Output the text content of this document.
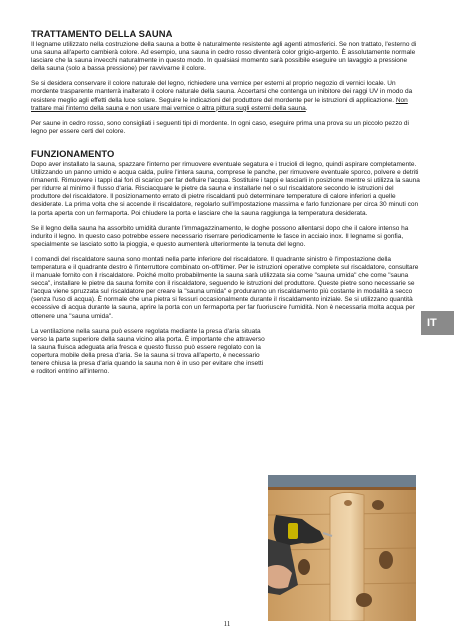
TRATTAMENTO DELLA SAUNA

Il legname utilizzato nella costruzione della sauna a botte è naturalmente resistente agli agenti atmosferici. Se non trattato, l'esterno di una sauna all'aperto cambierà colore. Ad esempio, una sauna in cedro rosso diventerà color grigio-argento. È assolutamente normale lasciare che la sauna invecchi naturalmente in questo modo. In qualsiasi momento sarà possibile eseguire un lavaggio a pressione della sauna (solo a bassa pressione) per ravvivarne il colore.

Se si desidera conservare il colore naturale del legno, richiedere una vernice per esterni al proprio negozio di vernici locale. Un mordente trasparente manterrà inalterato il colore naturale della sauna. Accertarsi che contenga un inibitore dei raggi UV in modo da resistere meglio agli effetti della luce solare. Seguire le indicazioni del produttore del mordente per le istruzioni di applicazione. Non trattare mai l'interno della sauna e non usare mai vernice o altra pittura sugli esterni della sauna.

Per saune in cedro rosso, sono consigliati i seguenti tipi di mordente. In ogni caso, eseguire prima una prova su un piccolo pezzo di legno per essere certi del colore.

FUNZIONAMENTO

Dopo aver installato la sauna, spazzare l'interno per rimuovere eventuale segatura e i trucioli di legno, quindi aspirare completamente. Utilizzando un panno umido e acqua calda, pulire l'intera sauna, comprese le panche, per rimuovere eventuale sporco, polvere e detriti rimanenti. Rimuovere i tappi dai fori di scarico per far defluire l'acqua. Sostituire i tappi e lasciarli in posizione mentre si utilizza la sauna per ridurre al minimo il flusso d'aria. Risciacquare le pietre da sauna e installarle nel o sul riscaldatore secondo le istruzioni del produttore del riscaldatore. Il posizionamento errato di pietre riscaldanti può determinare temperature di calore inferiori a quelle desiderate. La prima volta che si accende il riscaldatore, regolarlo sull'impostazione massima e farlo funzionare per circa 30 minuti con la porta aperta con un fermaporta. Poi chiudere la porta e lasciare che la sauna raggiunga la temperatura desiderata.

Se il legno della sauna ha assorbito umidità durante l'immagazzinamento, le doghe possono allentarsi dopo che il calore intenso ha indurito il legno. In questo caso potrebbe essere necessario riserrare periodicamente le fasce in acciaio inox. Il legname si gonfia, specialmente se lasciato sotto la pioggia, e questo aumenterà ulteriormente la tenuta del legno.

I comandi del riscaldatore sauna sono montati nella parte inferiore del riscaldatore. Il quadrante sinistro è l'impostazione della temperatura e il quadrante destro è l'interruttore combinato on-off/timer. Per le istruzioni operative complete sul riscaldatore, consultare il manuale fornito con il riscaldatore. Poiché molto probabilmente la sauna sarà utilizzata sia come "sauna umida" che come "sauna secca", installare le pietre da sauna fornite con il riscaldatore, seguendo le istruzioni del produttore. Queste pietre sono necessarie se l'acqua viene spruzzata sul riscaldatore per creare la "sauna umida" e produranno un riscaldamento più costante in modalità a secco (senza l'uso di acqua). È normale che una pietra si fessuri occasionalmente durante il riscaldamento iniziale. Se si utilizzano quantità eccessive di acqua durante la sauna, aprire la porta con un fermaporta per far fuoriuscire l'umidità. Non è necessaria molta acqua per ottenere una "sauna umida".

La ventilazione nella sauna può essere regolata mediante la presa d'aria situata verso la parte superiore della sauna vicino alla porta. È importante che attraverso la sauna fluisca adeguata aria fresca e questo flusso può essere regolato con la copertura mobile della presa d'aria. Se la sauna si trova all'aperto, è necessario tenere chiusa la presa d'aria quando la sauna non è in uso per evitare che insetti e roditori entrino all'interno.

IT
11
